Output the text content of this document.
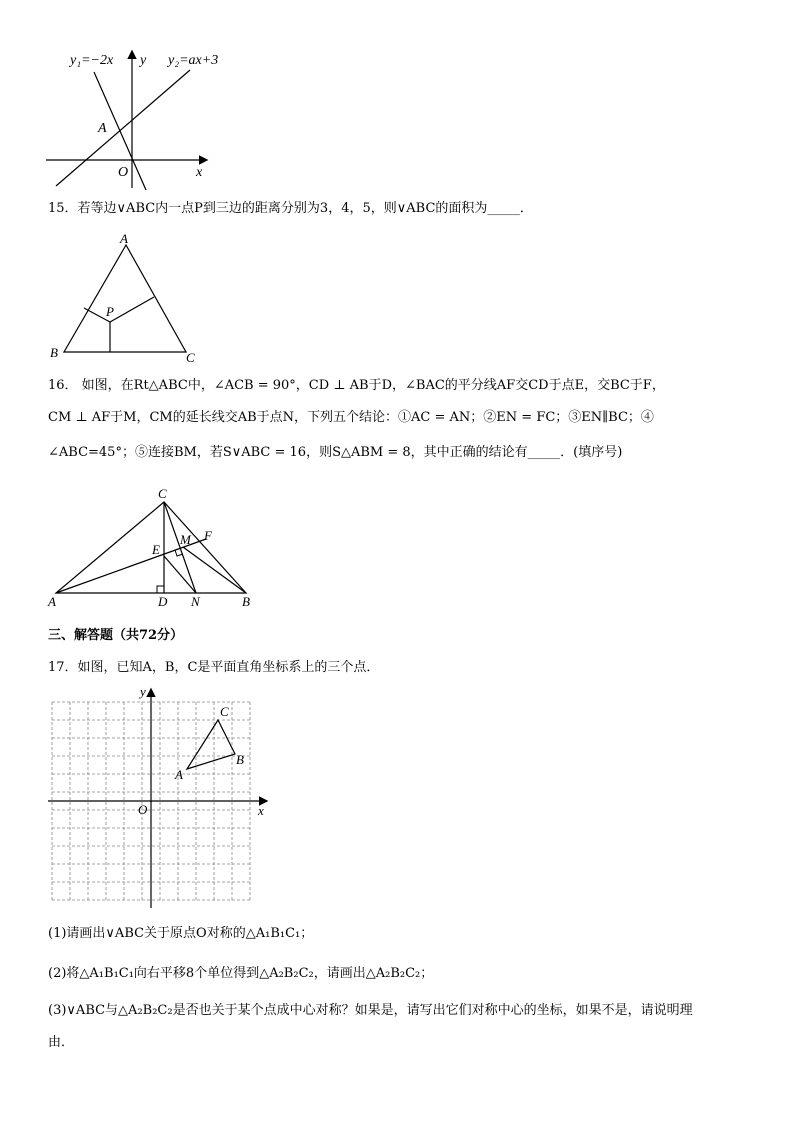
y₁=−2x y y₂=ax+3
A
O	x
15．若等边∨ABC内一点P到三边的距离分别为3，4，5，则∨ABC的面积为_____．
A
B	C
P
16． 如图，在Rt△ABC中，∠ACB = 90°，CD ⊥ AB于D，∠BAC的平分线AF交CD于点E，交BC于F，
CM ⊥ AF于M，CM的延长线交AB于点N，下列五个结论：①AC = AN；②EN = FC；③EN∥BC；④
∠ABC=45°；⑤连接BM，若S∨ABC = 16，则S△ABM = 8，其中正确的结论有_____．(填序号)
C
M F
E
A	D N	B
三、解答题（共72分）
17．如图，已知A，B，C是平面直角坐标系上的三个点．
y
x
O
A
B
C
(1)请画出∨ABC关于原点O对称的△A₁B₁C₁；
(2)将△A₁B₁C₁向右平移8个单位得到△A₂B₂C₂，请画出△A₂B₂C₂；
(3)∨ABC与△A₂B₂C₂是否也关于某个点成中心对称？如果是，请写出它们对称中心的坐标，如果不是，请说明理
由．
